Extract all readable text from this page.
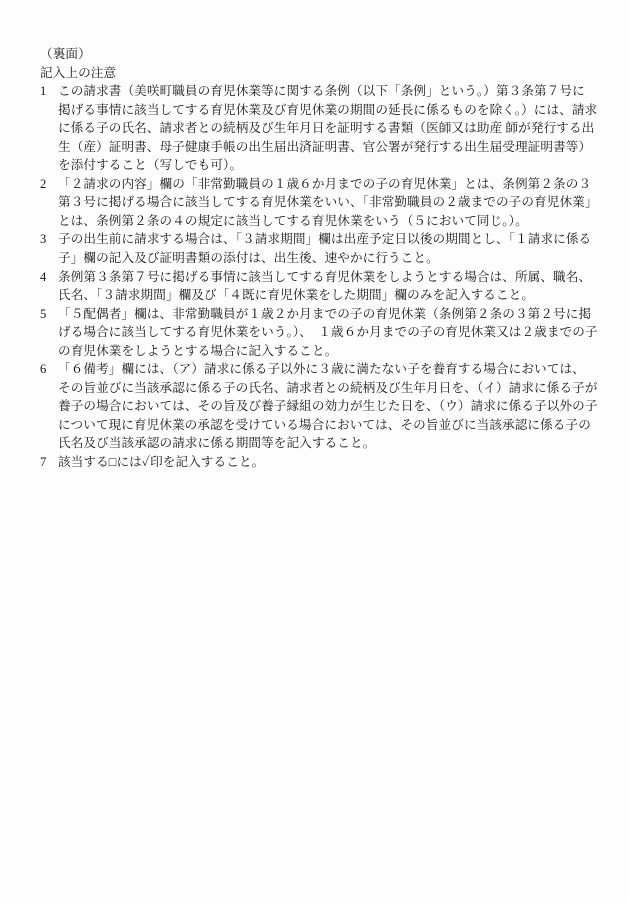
（裏面）
記入上の注意
1 この請求書（美咲町職員の育児休業等に関する条例（以下「条例」という。）第３条第７号に
掲げる事情に該当してする育児休業及び育児休業の期間の延長に係るものを除く。）には、請求
に係る子の氏名、請求者との続柄及び生年月日を証明する書類（医師又は助産 師が発行する出
生（産）証明書、母子健康手帳の出生届出済証明書、官公署が発行する出生届受理証明書等）
を添付すること（写しでも可）。
2 「２請求の内容」欄の「非常勤職員の１歳６か月までの子の育児休業」とは、条例第２条の３
第３号に掲げる場合に該当してする育児休業をいい、「非常勤職員の２歳までの子の育児休業」
とは、条例第２条の４の規定に該当してする育児休業をいう（５において同じ。）。
3 子の出生前に請求する場合は、「３請求期間」欄は出産予定日以後の期間とし、「１請求に係る
子」欄の記入及び証明書類の添付は、出生後、速やかに行うこと。
4 条例第３条第７号に掲げる事情に該当してする育児休業をしようとする場合は、所属、職名、
氏名、「３請求期間」欄及び「４既に育児休業をした期間」欄のみを記入すること。
5 「５配偶者」欄は、非常勤職員が１歳２か月までの子の育児休業（条例第２条の３第２号に掲
げる場合に該当してする育児休業をいう。）、　１歳６か月までの子の育児休業又は２歳までの子
の育児休業をしようとする場合に記入すること。
6 「６備考」欄には、（ア）請求に係る子以外に３歳に満たない子を養育する場合においては、
その旨並びに当該承認に係る子の氏名、請求者との続柄及び生年月日を、（イ）請求に係る子が
養子の場合においては、その旨及び養子縁組の効力が生じた日を、（ウ）請求に係る子以外の子
について現に育児休業の承認を受けている場合においては、その旨並びに当該承認に係る子の
氏名及び当該承認の請求に係る期間等を記入すること。
7 該当する□には✓印を記入すること。
